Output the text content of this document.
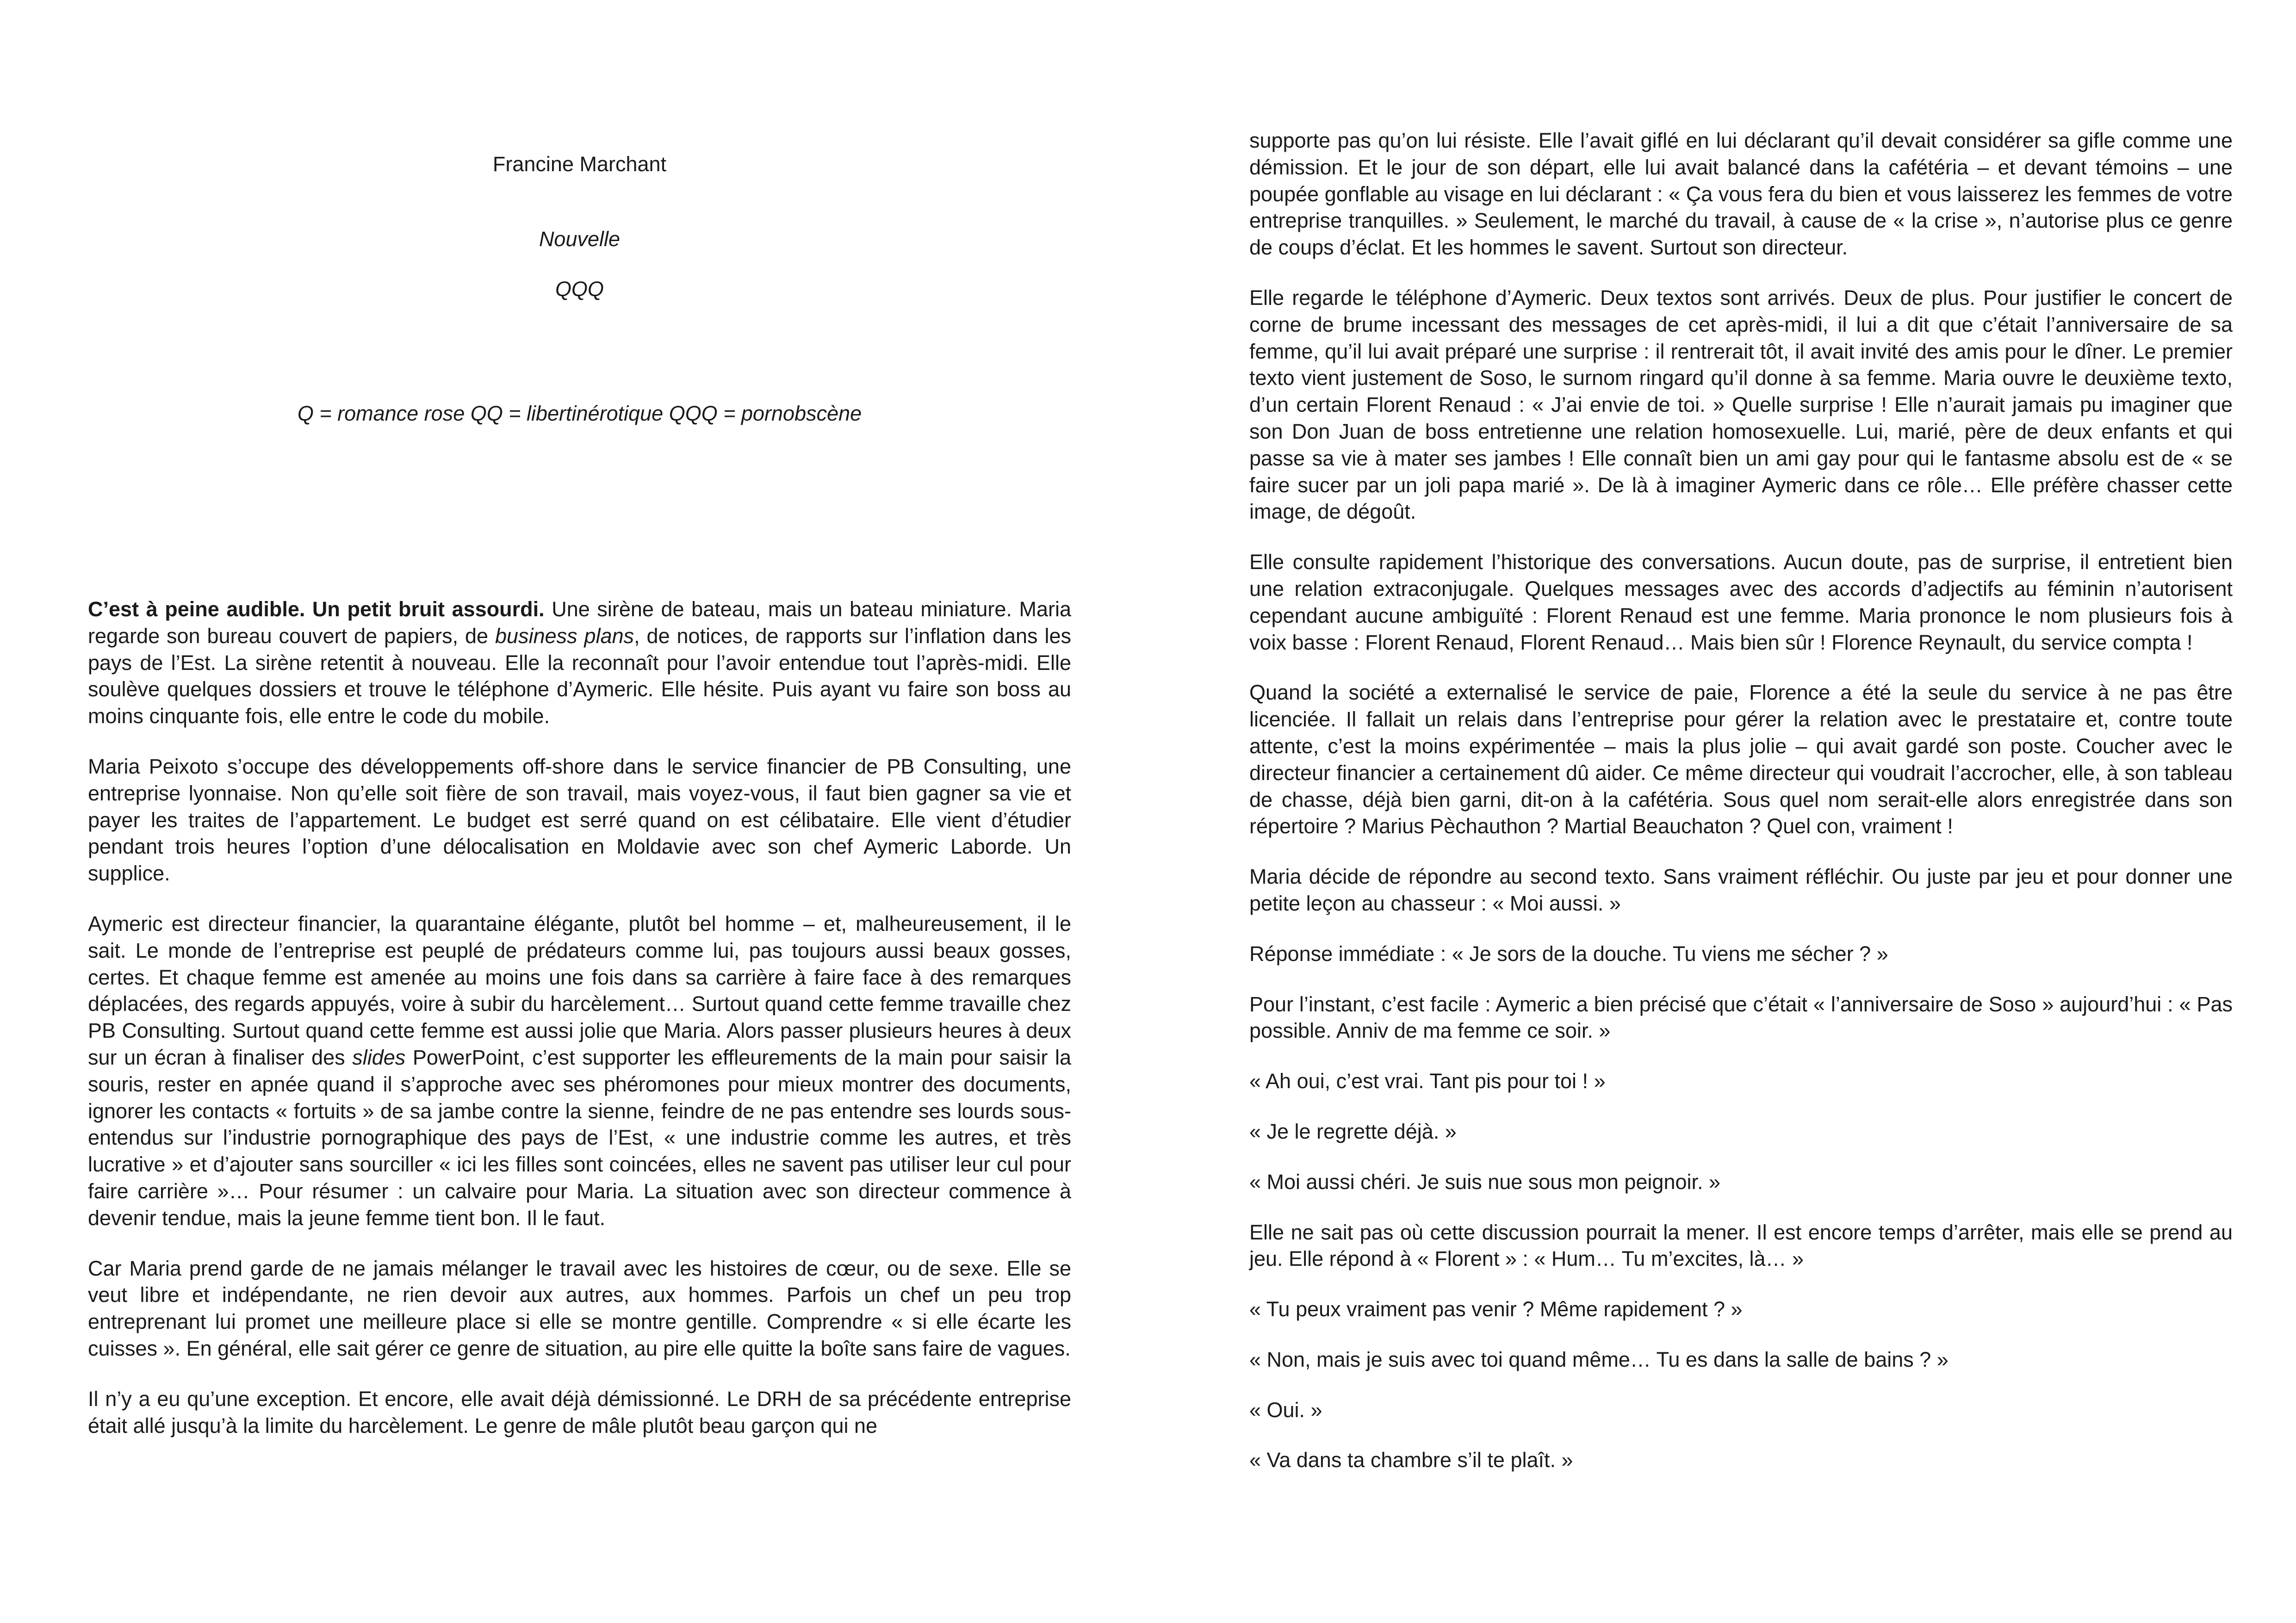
Francine Marchant

Nouvelle

QQQ

Q = romance rose QQ = libertinérotique QQQ = pornobscène

C’est à peine audible. Un petit bruit assourdi. Une sirène de bateau, mais un bateau miniature. Maria regarde son bureau couvert de papiers, de business plans, de notices, de rapports sur l’inflation dans les pays de l’Est. La sirène retentit à nouveau. Elle la reconnaît pour l’avoir entendue tout l’après-midi. Elle soulève quelques dossiers et trouve le téléphone d’Aymeric. Elle hésite. Puis ayant vu faire son boss au moins cinquante fois, elle entre le code du mobile.

Maria Peixoto s’occupe des développements off-shore dans le service financier de PB Consulting, une entreprise lyonnaise. Non qu’elle soit fière de son travail, mais voyez-vous, il faut bien gagner sa vie et payer les traites de l’appartement. Le budget est serré quand on est célibataire. Elle vient d’étudier pendant trois heures l’option d’une délocalisation en Moldavie avec son chef Aymeric Laborde. Un supplice.

Aymeric est directeur financier, la quarantaine élégante, plutôt bel homme – et, malheureusement, il le sait. Le monde de l’entreprise est peuplé de prédateurs comme lui, pas toujours aussi beaux gosses, certes. Et chaque femme est amenée au moins une fois dans sa carrière à faire face à des remarques déplacées, des regards appuyés, voire à subir du harcèlement… Surtout quand cette femme travaille chez PB Consulting. Surtout quand cette femme est aussi jolie que Maria. Alors passer plusieurs heures à deux sur un écran à finaliser des slides PowerPoint, c’est supporter les effleurements de la main pour saisir la souris, rester en apnée quand il s’approche avec ses phéromones pour mieux montrer des documents, ignorer les contacts « fortuits » de sa jambe contre la sienne, feindre de ne pas entendre ses lourds sous-entendus sur l’industrie pornographique des pays de l’Est, « une industrie comme les autres, et très lucrative » et d’ajouter sans sourciller « ici les filles sont coincées, elles ne savent pas utiliser leur cul pour faire carrière »… Pour résumer : un calvaire pour Maria. La situation avec son directeur commence à devenir tendue, mais la jeune femme tient bon. Il le faut.

Car Maria prend garde de ne jamais mélanger le travail avec les histoires de cœur, ou de sexe. Elle se veut libre et indépendante, ne rien devoir aux autres, aux hommes. Parfois un chef un peu trop entreprenant lui promet une meilleure place si elle se montre gentille. Comprendre « si elle écarte les cuisses ». En général, elle sait gérer ce genre de situation, au pire elle quitte la boîte sans faire de vagues.

Il n’y a eu qu’une exception. Et encore, elle avait déjà démissionné. Le DRH de sa précédente entreprise était allé jusqu’à la limite du harcèlement. Le genre de mâle plutôt beau garçon qui ne

supporte pas qu’on lui résiste. Elle l’avait giflé en lui déclarant qu’il devait considérer sa gifle comme une démission. Et le jour de son départ, elle lui avait balancé dans la cafétéria – et devant témoins – une poupée gonflable au visage en lui déclarant : « Ça vous fera du bien et vous laisserez les femmes de votre entreprise tranquilles. » Seulement, le marché du travail, à cause de « la crise », n’autorise plus ce genre de coups d’éclat. Et les hommes le savent. Surtout son directeur.

Elle regarde le téléphone d’Aymeric. Deux textos sont arrivés. Deux de plus. Pour justifier le concert de corne de brume incessant des messages de cet après-midi, il lui a dit que c’était l’anniversaire de sa femme, qu’il lui avait préparé une surprise : il rentrerait tôt, il avait invité des amis pour le dîner. Le premier texto vient justement de Soso, le surnom ringard qu’il donne à sa femme. Maria ouvre le deuxième texto, d’un certain Florent Renaud : « J’ai envie de toi. » Quelle surprise ! Elle n’aurait jamais pu imaginer que son Don Juan de boss entretienne une relation homosexuelle. Lui, marié, père de deux enfants et qui passe sa vie à mater ses jambes ! Elle connaît bien un ami gay pour qui le fantasme absolu est de « se faire sucer par un joli papa marié ». De là à imaginer Aymeric dans ce rôle… Elle préfère chasser cette image, de dégoût.

Elle consulte rapidement l’historique des conversations. Aucun doute, pas de surprise, il entretient bien une relation extraconjugale. Quelques messages avec des accords d’adjectifs au féminin n’autorisent cependant aucune ambiguïté : Florent Renaud est une femme. Maria prononce le nom plusieurs fois à voix basse : Florent Renaud, Florent Renaud… Mais bien sûr ! Florence Reynault, du service compta !

Quand la société a externalisé le service de paie, Florence a été la seule du service à ne pas être licenciée. Il fallait un relais dans l’entreprise pour gérer la relation avec le prestataire et, contre toute attente, c’est la moins expérimentée – mais la plus jolie – qui avait gardé son poste. Coucher avec le directeur financier a certainement dû aider. Ce même directeur qui voudrait l’accrocher, elle, à son tableau de chasse, déjà bien garni, dit-on à la cafétéria. Sous quel nom serait-elle alors enregistrée dans son répertoire ? Marius Pèchauthon ? Martial Beauchaton ? Quel con, vraiment !

Maria décide de répondre au second texto. Sans vraiment réfléchir. Ou juste par jeu et pour donner une petite leçon au chasseur : « Moi aussi. »

Réponse immédiate : « Je sors de la douche. Tu viens me sécher ? »

Pour l’instant, c’est facile : Aymeric a bien précisé que c’était « l’anniversaire de Soso » aujourd’hui : « Pas possible. Anniv de ma femme ce soir. »

« Ah oui, c’est vrai. Tant pis pour toi ! »

« Je le regrette déjà. »

« Moi aussi chéri. Je suis nue sous mon peignoir. »

Elle ne sait pas où cette discussion pourrait la mener. Il est encore temps d’arrêter, mais elle se prend au jeu. Elle répond à « Florent » : « Hum… Tu m’excites, là… »

« Tu peux vraiment pas venir ? Même rapidement ? »

« Non, mais je suis avec toi quand même… Tu es dans la salle de bains ? »

« Oui. »

« Va dans ta chambre s’il te plaît. »
